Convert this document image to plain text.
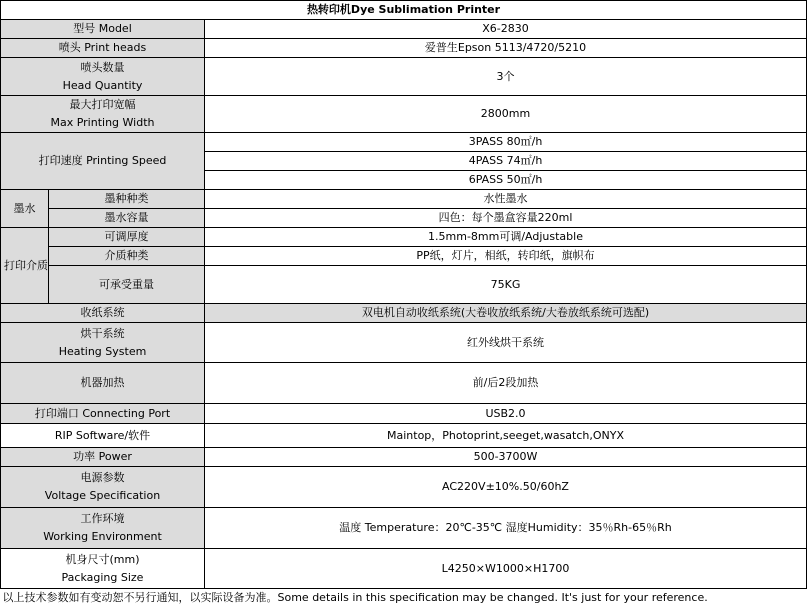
热转印机Dye Sublimation Printer		
型号 Model		X6-2830
喷头 Print heads		爱普生Epson 5113/4720/5210

喷头数量
Head Quantity		3个

最大打印宽幅
Max Printing Width		2800mm
打印速度 Printing Speed		3PASS 80㎡/h
		4PASS 74㎡/h
		6PASS 50㎡/h
墨水	墨种种类	水性墨水
	墨水容量	四色：每个墨盒容量220ml
打印介质	可调厚度	1.5mm-8mm可调/Adjustable
	介质种类	PP纸，灯片，相纸，转印纸，旗帜布
	可承受重量	75KG
收纸系统		双电机自动收纸系统(大卷收放纸系统/大卷放纸系统可选配)

烘干系统
Heating System		红外线烘干系统
机器加热		前/后2段加热
打印端口 Connecting Port		USB2.0
RIP Software/软件		Maintop，Photoprint,seeget,wasatch,ONYX
功率 Power		500-3700W

电源参数
Voltage Specification		AC220V±10%.50/60hZ

工作环境
Working Environment		温度 Temperature：20℃-35℃ 湿度Humidity：35％Rh-65％Rh

机身尺寸(mm)
Packaging Size		L4250×W1000×H1700
以上技术参数如有变动恕不另行通知，以实际设备为准。Some details in this specification may be changed. It's just for your reference.		
